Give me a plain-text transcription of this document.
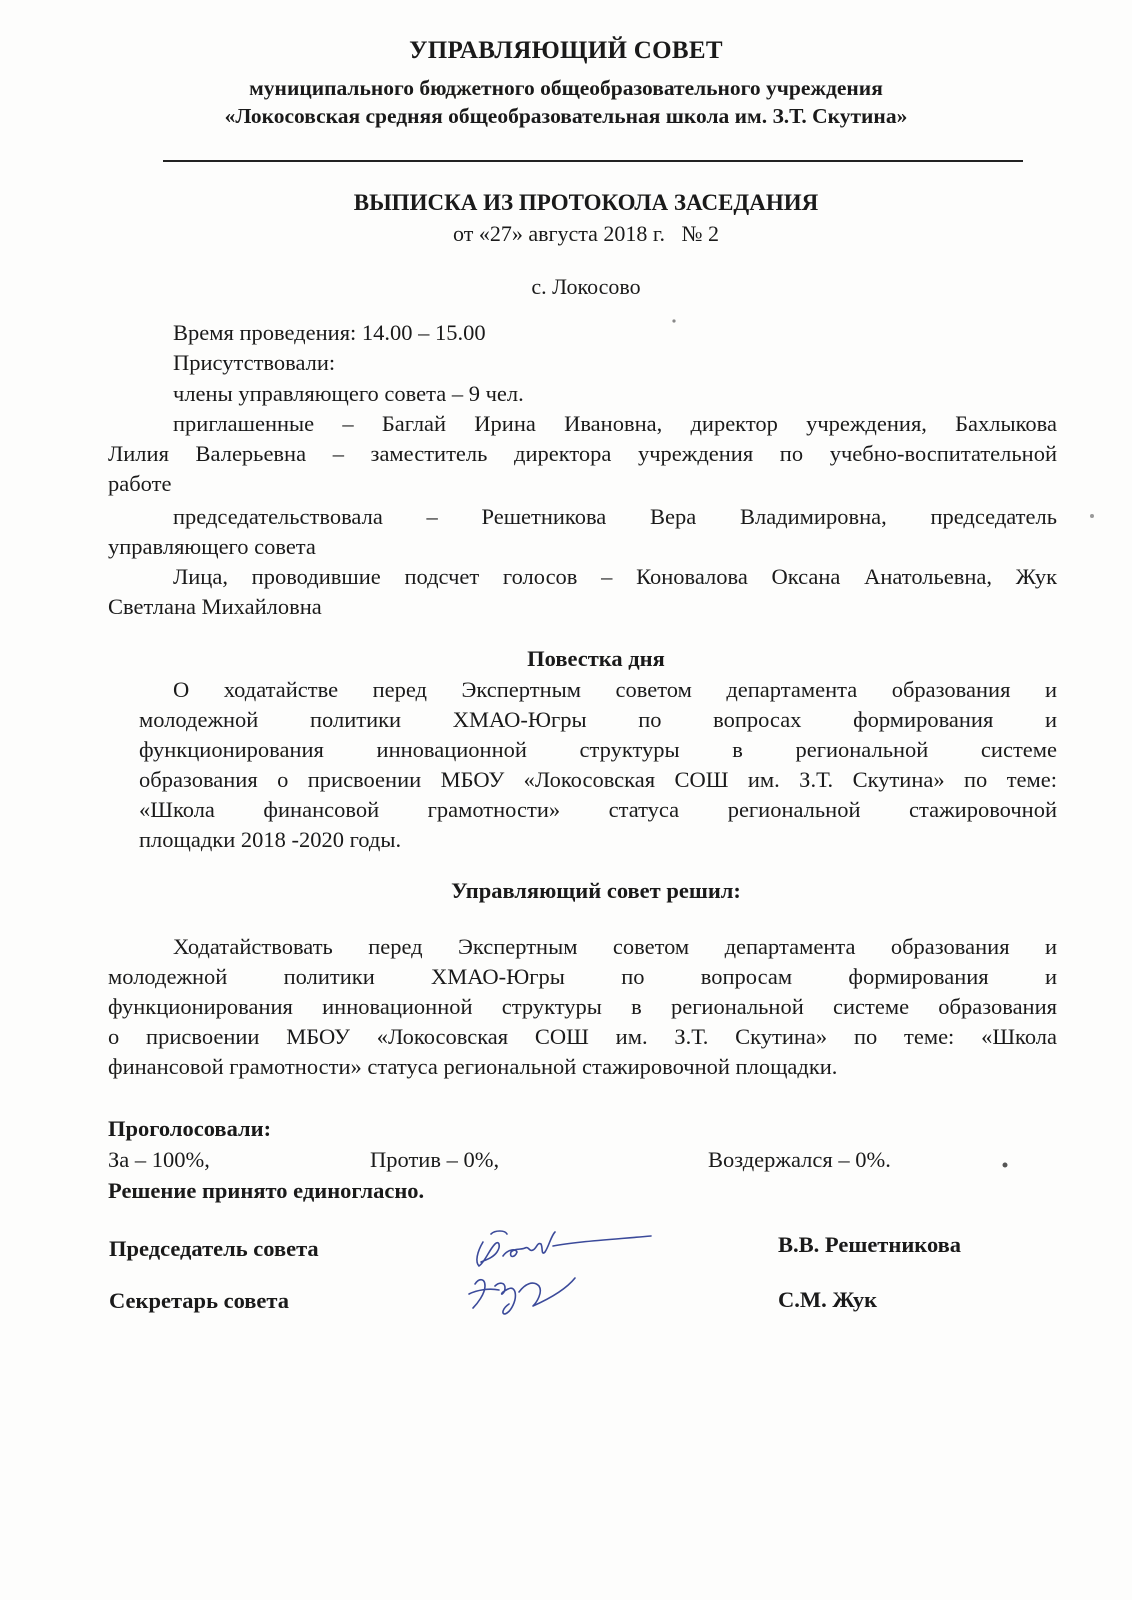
УПРАВЛЯЮЩИЙ СОВЕТ
муниципального бюджетного общеобразовательного учреждения
«Локосовская средняя общеобразовательная школа им. З.Т. Скутина»
ВЫПИСКА ИЗ ПРОТОКОЛА ЗАСЕДАНИЯ
от «27» августа 2018 г.   № 2
с. Локосово
Время проведения: 14.00 – 15.00
Присутствовали:
члены управляющего совета – 9 чел.
приглашенные – Баглай Ирина Ивановна, директор учреждения, Бахлыкова
Лилия Валерьевна – заместитель директора учреждения по учебно-воспитательной
работе
председательствовала – Решетникова Вера Владимировна, председатель
управляющего совета
Лица, проводившие подсчет голосов – Коновалова Оксана Анатольевна, Жук
Светлана Михайловна
Повестка дня
О ходатайстве перед Экспертным советом департамента образования и
молодежной политики ХМАО-Югры по вопросах формирования и
функционирования инновационной структуры в региональной системе
образования о присвоении МБОУ «Локосовская СОШ им. З.Т. Скутина» по теме:
«Школа финансовой грамотности» статуса региональной стажировочной
площадки 2018 -2020 годы.
Управляющий совет решил:
Ходатайствовать перед Экспертным советом департамента образования и
молодежной политики ХМАО-Югры по вопросам формирования и
функционирования инновационной структуры в региональной системе образования
о присвоении МБОУ «Локосовская СОШ им. З.Т. Скутина» по теме: «Школа
финансовой грамотности» статуса региональной стажировочной площадки.
Проголосовали:
За – 100%,	Против – 0%,	Воздержался – 0%.
Решение принято единогласно.
Председатель совета	В.В. Решетникова
Секретарь совета	С.М. Жук
